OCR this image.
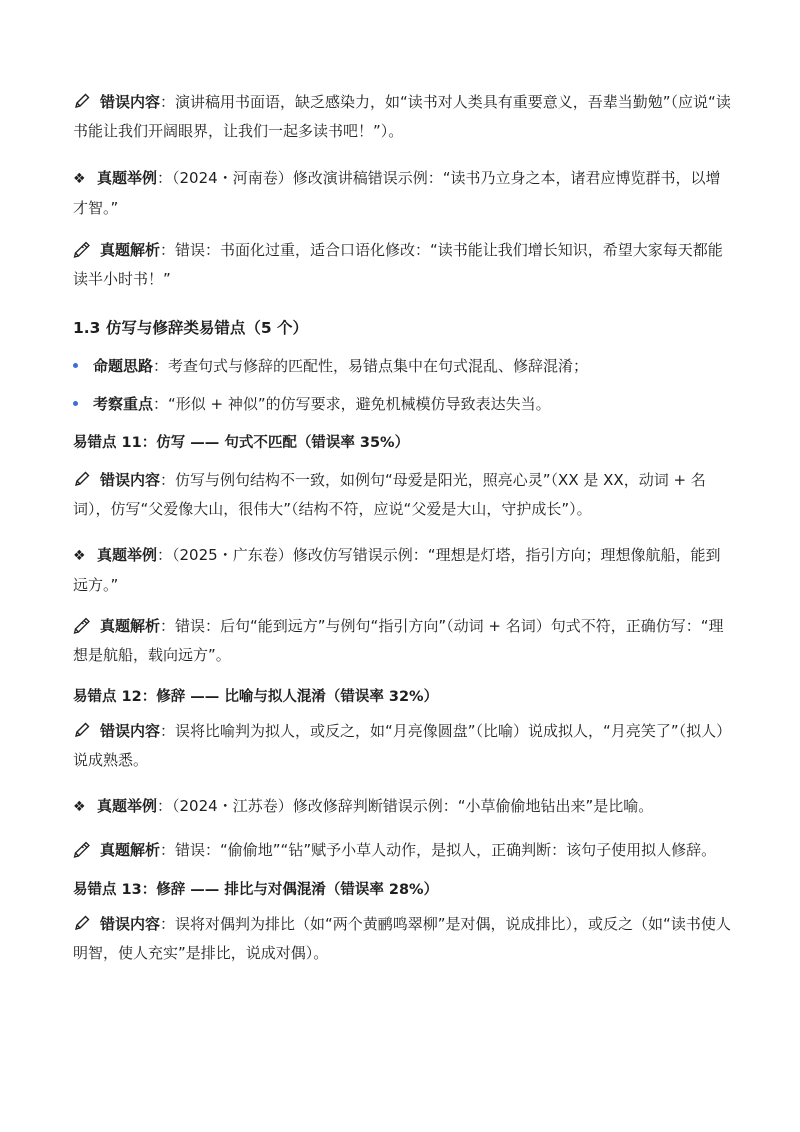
错误内容：演讲稿用书面语，缺乏感染力，如“读书对人类具有重要意义，吾辈当勤勉”（应说“读书能让我们开阔眼界，让我们一起多读书吧！”）。

❖ 真题举例：（2024・河南卷）修改演讲稿错误示例：“读书乃立身之本，诸君应博览群书，以增才智。”

真题解析：错误：书面化过重，适合口语化修改：“读书能让我们增长知识，希望大家每天都能读半小时书！”

1.3 仿写与修辞类易错点（5 个）

命题思路：考查句式与修辞的匹配性，易错点集中在句式混乱、修辞混淆；

考察重点：“形似 + 神似”的仿写要求，避免机械模仿导致表达失当。

易错点 11：仿写 —— 句式不匹配（错误率 35%）

错误内容：仿写与例句结构不一致，如例句“母爱是阳光，照亮心灵”（XX 是 XX，动词 + 名词），仿写“父爱像大山，很伟大”（结构不符，应说“父爱是大山，守护成长”）。

❖ 真题举例：（2025・广东卷）修改仿写错误示例：“理想是灯塔，指引方向；理想像航船，能到远方。”

真题解析：错误：后句“能到远方”与例句“指引方向”（动词 + 名词）句式不符，正确仿写：“理想是航船，载向远方”。

易错点 12：修辞 —— 比喻与拟人混淆（错误率 32%）

错误内容：误将比喻判为拟人，或反之，如“月亮像圆盘”（比喻）说成拟人，“月亮笑了”（拟人）说成熟悉。

❖ 真题举例：（2024・江苏卷）修改修辞判断错误示例：“小草偷偷地钻出来”是比喻。

真题解析：错误：“偷偷地”“钻”赋予小草人动作，是拟人，正确判断：该句子使用拟人修辞。

易错点 13：修辞 —— 排比与对偶混淆（错误率 28%）

错误内容：误将对偶判为排比（如“两个黄鹂鸣翠柳”是对偶，说成排比），或反之（如“读书使人明智，使人充实”是排比，说成对偶）。
